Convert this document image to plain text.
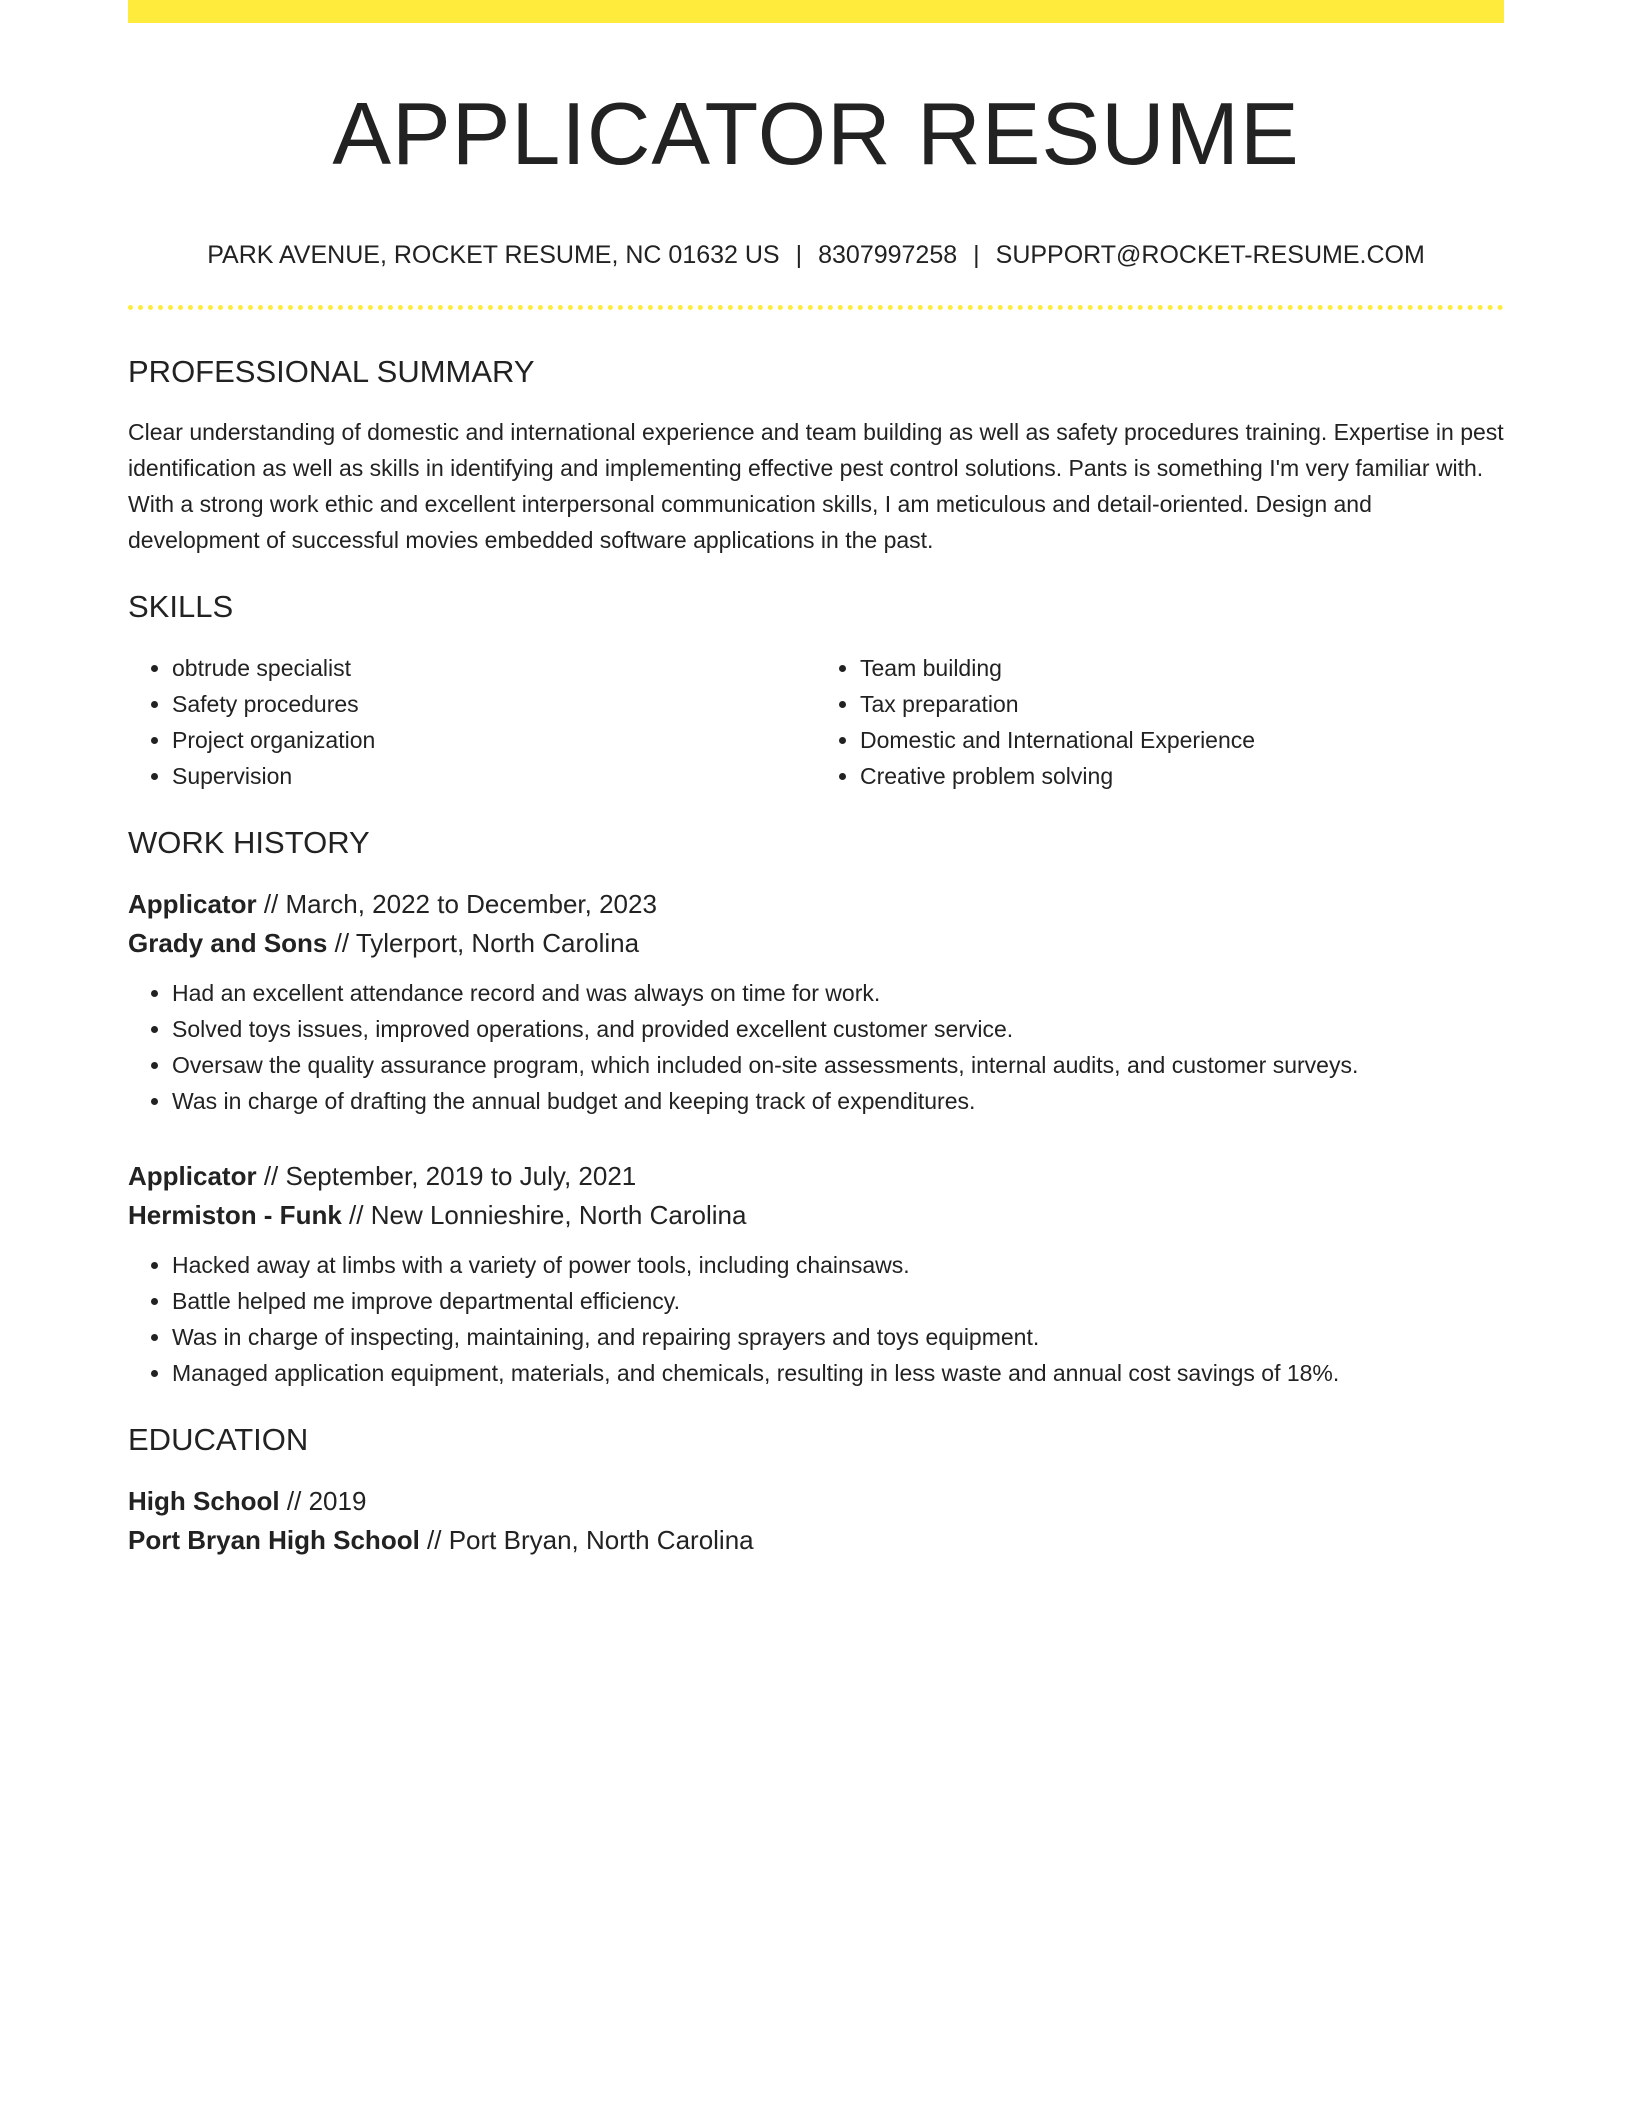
APPLICATOR RESUME
PARK AVENUE, ROCKET RESUME, NC 01632 US | 8307997258 | SUPPORT@ROCKET-RESUME.COM
PROFESSIONAL SUMMARY
Clear understanding of domestic and international experience and team building as well as safety procedures training. Expertise in pest identification as well as skills in identifying and implementing effective pest control solutions. Pants is something I'm very familiar with. With a strong work ethic and excellent interpersonal communication skills, I am meticulous and detail-oriented. Design and development of successful movies embedded software applications in the past.
SKILLS
• obtrude specialist
• Safety procedures
• Project organization
• Supervision
• Team building
• Tax preparation
• Domestic and International Experience
• Creative problem solving
WORK HISTORY
Applicator // March, 2022 to December, 2023
Grady and Sons // Tylerport, North Carolina
• Had an excellent attendance record and was always on time for work.
• Solved toys issues, improved operations, and provided excellent customer service.
• Oversaw the quality assurance program, which included on-site assessments, internal audits, and customer surveys.
• Was in charge of drafting the annual budget and keeping track of expenditures.
Applicator // September, 2019 to July, 2021
Hermiston - Funk // New Lonnieshire, North Carolina
• Hacked away at limbs with a variety of power tools, including chainsaws.
• Battle helped me improve departmental efficiency.
• Was in charge of inspecting, maintaining, and repairing sprayers and toys equipment.
• Managed application equipment, materials, and chemicals, resulting in less waste and annual cost savings of 18%.
EDUCATION
High School // 2019
Port Bryan High School // Port Bryan, North Carolina
